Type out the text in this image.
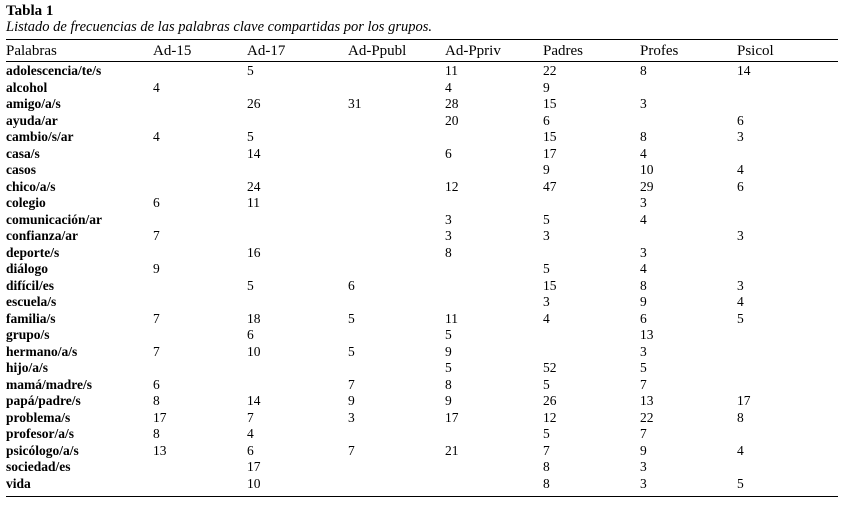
Tabla 1

Listado de frecuencias de las palabras clave compartidas por los grupos.

Palabras	Ad-15	Ad-17	Ad-Ppubl	Ad-Ppriv	Padres	Profes	Psicol
adolescencia/te/s		5		11	22	8	14
alcohol	4			4	9		
amigo/a/s		26	31	28	15	3	
ayuda/ar				20	6		6
cambio/s/ar	4	5			15	8	3
casa/s		14		6	17	4	
casos					9	10	4
chico/a/s		24		12	47	29	6
colegio	6	11				3	
comunicación/ar				3	5	4	
confianza/ar	7			3	3		3
deporte/s		16		8		3	
diálogo	9				5	4	
difícil/es		5	6		15	8	3
escuela/s					3	9	4
familia/s	7	18	5	11	4	6	5
grupo/s		6		5		13	
hermano/a/s	7	10	5	9		3	
hijo/a/s				5	52	5	
mamá/madre/s	6		7	8	5	7	
papá/padre/s	8	14	9	9	26	13	17
problema/s	17	7	3	17	12	22	8
profesor/a/s	8	4			5	7	
psicólogo/a/s	13	6	7	21	7	9	4
sociedad/es		17			8	3	
vida		10			8	3	5
